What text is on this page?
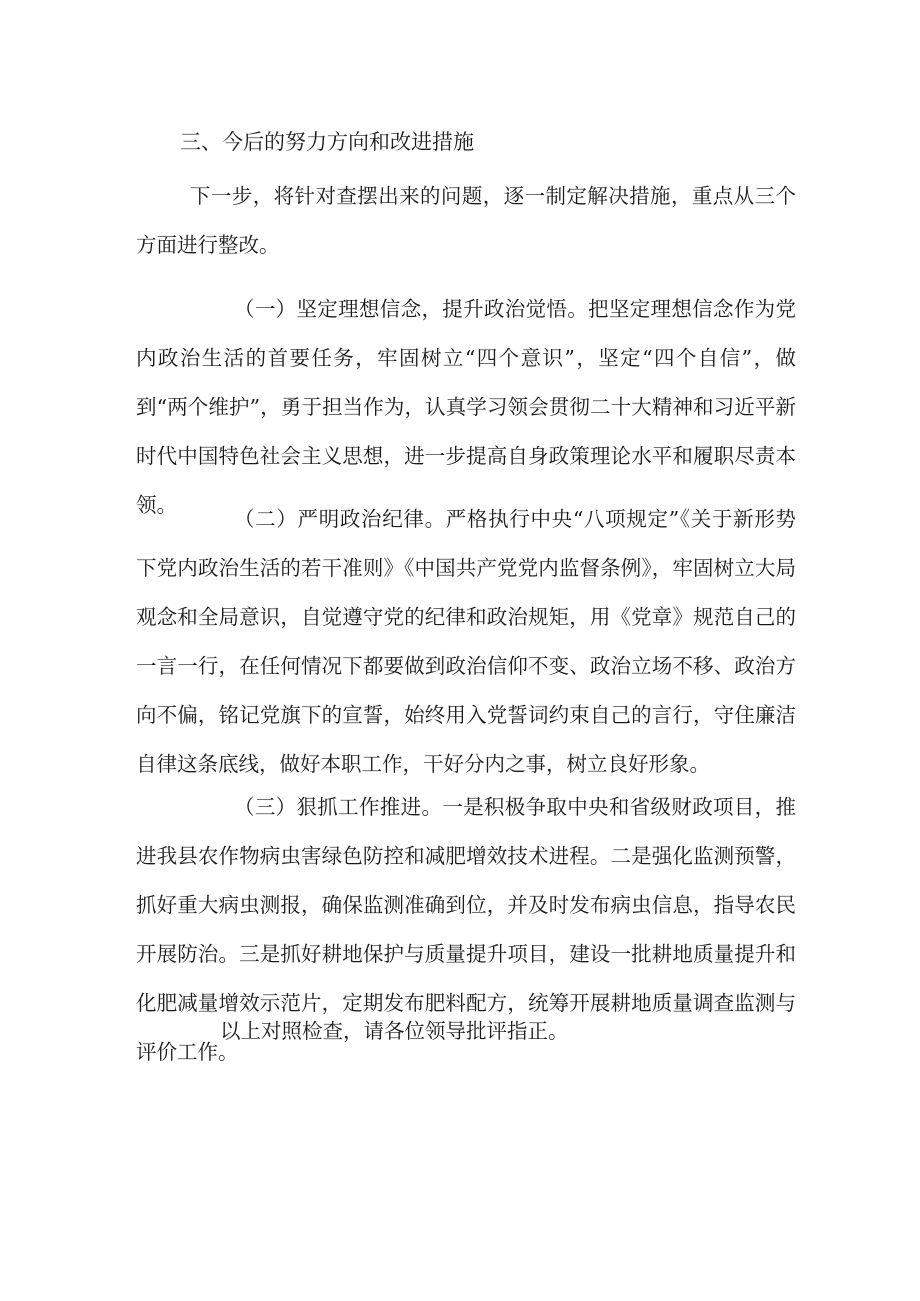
三、今后的努力方向和改进措施

下一步，将针对查摆出来的问题，逐一制定解决措施，重点从三个方面进行整改。

（一）坚定理想信念，提升政治觉悟。把坚定理想信念作为党内政治生活的首要任务，牢固树立“四个意识”，坚定“四个自信”，做到“两个维护”，勇于担当作为，认真学习领会贯彻二十大精神和习近平新时代中国特色社会主义思想，进一步提高自身政策理论水平和履职尽责本领。

（二）严明政治纪律。严格执行中央“八项规定”《关于新形势下党内政治生活的若干准则》《中国共产党党内监督条例》，牢固树立大局观念和全局意识，自觉遵守党的纪律和政治规矩，用《党章》规范自己的一言一行，在任何情况下都要做到政治信仰不变、政治立场不移、政治方向不偏，铭记党旗下的宣誓，始终用入党誓词约束自己的言行，守住廉洁自律这条底线，做好本职工作，干好分内之事，树立良好形象。

（三）狠抓工作推进。一是积极争取中央和省级财政项目，推进我县农作物病虫害绿色防控和减肥增效技术进程。二是强化监测预警，抓好重大病虫测报，确保监测准确到位，并及时发布病虫信息，指导农民开展防治。三是抓好耕地保护与质量提升项目，建设一批耕地质量提升和化肥减量增效示范片，定期发布肥料配方，统筹开展耕地质量调查监测与评价工作。

以上对照检查，请各位领导批评指正。
